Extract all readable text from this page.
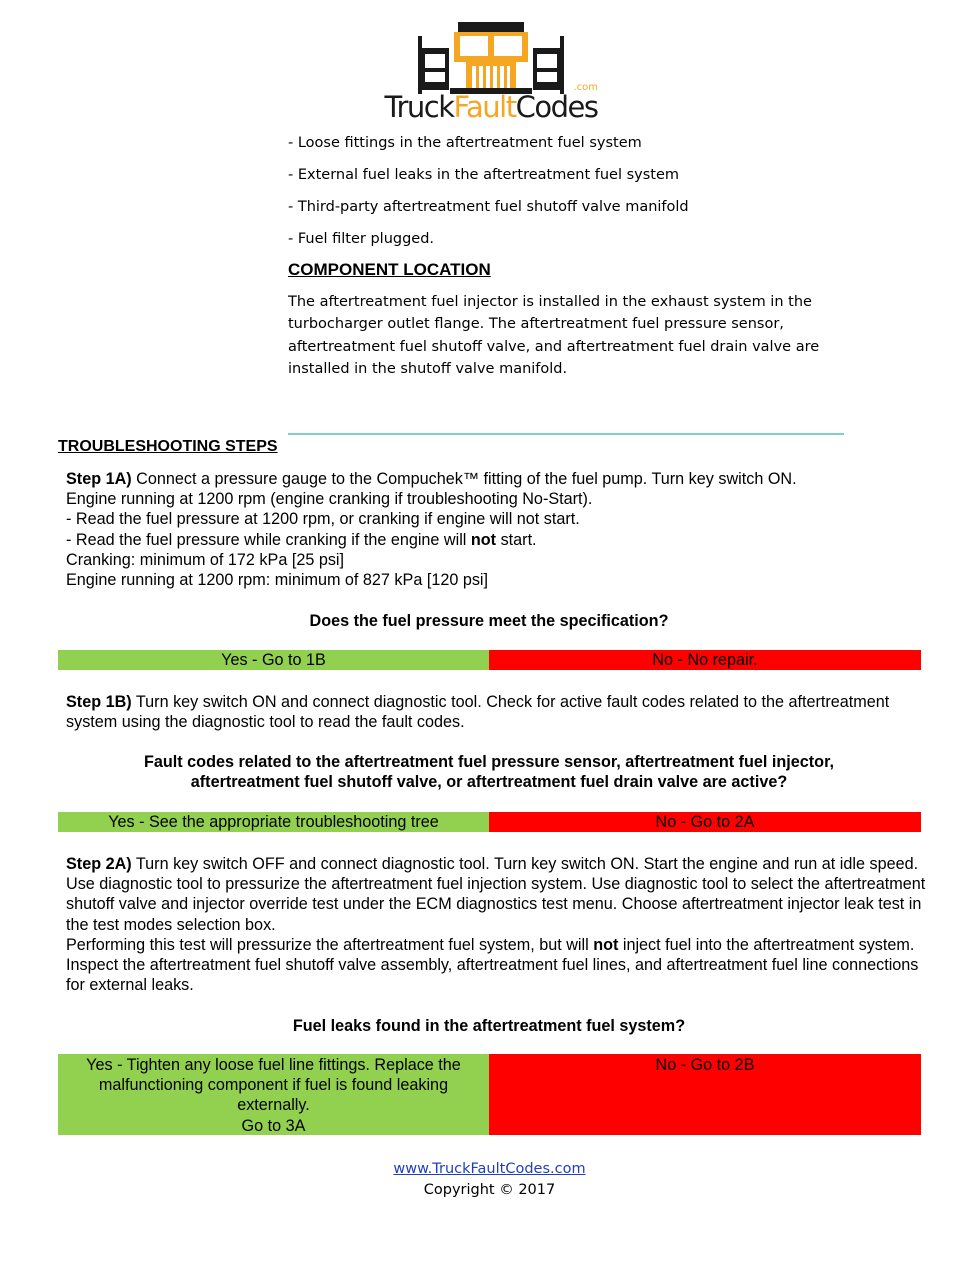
.com
TruckFaultCodes
- Loose fittings in the aftertreatment fuel system
- External fuel leaks in the aftertreatment fuel system
- Third-party aftertreatment fuel shutoff valve manifold
- Fuel filter plugged.
COMPONENT LOCATION
The aftertreatment fuel injector is installed in the exhaust system in the turbocharger outlet flange. The aftertreatment fuel pressure sensor, aftertreatment fuel shutoff valve, and aftertreatment fuel drain valve are installed in the shutoff valve manifold.
TROUBLESHOOTING STEPS
Step 1A) Connect a pressure gauge to the Compuchek™ fitting of the fuel pump. Turn key switch ON.
Engine running at 1200 rpm (engine cranking if troubleshooting No-Start).
- Read the fuel pressure at 1200 rpm, or cranking if engine will not start.
- Read the fuel pressure while cranking if the engine will not start.
Cranking: minimum of 172 kPa [25 psi]
Engine running at 1200 rpm: minimum of 827 kPa [120 psi]
Does the fuel pressure meet the specification?
Yes - Go to 1B	No - No repair.
Step 1B) Turn key switch ON and connect diagnostic tool. Check for active fault codes related to the aftertreatment system using the diagnostic tool to read the fault codes.
Fault codes related to the aftertreatment fuel pressure sensor, aftertreatment fuel injector,
aftertreatment fuel shutoff valve, or aftertreatment fuel drain valve are active?
Yes - See the appropriate troubleshooting tree	No - Go to 2A
Step 2A) Turn key switch OFF and connect diagnostic tool. Turn key switch ON. Start the engine and run at idle speed. Use diagnostic tool to pressurize the aftertreatment fuel injection system. Use diagnostic tool to select the aftertreatment shutoff valve and injector override test under the ECM diagnostics test menu. Choose aftertreatment injector leak test in the test modes selection box.
Performing this test will pressurize the aftertreatment fuel system, but will not inject fuel into the aftertreatment system. Inspect the aftertreatment fuel shutoff valve assembly, aftertreatment fuel lines, and aftertreatment fuel line connections for external leaks.
Fuel leaks found in the aftertreatment fuel system?
Yes - Tighten any loose fuel line fittings. Replace the malfunctioning component if fuel is found leaking externally.
Go to 3A
No - Go to 2B
www.TruckFaultCodes.com
Copyright © 2017
